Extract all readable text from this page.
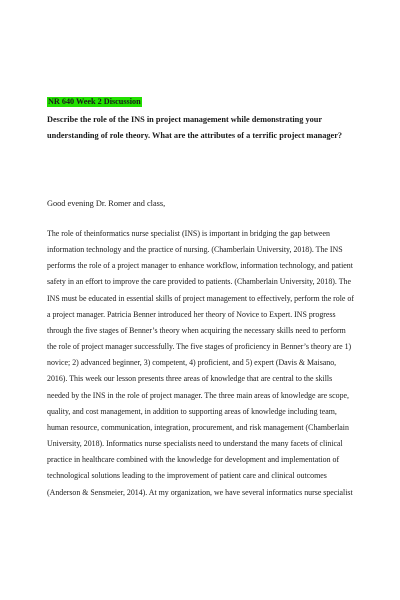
NR 640 Week 2 Discussion

Describe the role of the INS in project management while demonstrating your
understanding of role theory. What are the attributes of a terrific project manager?

Good evening Dr. Romer and class,

The role of theinformatics nurse specialist (INS) is important in bridging the gap between
information technology and the practice of nursing. (Chamberlain University, 2018). The INS
performs the role of a project manager to enhance workflow, information technology, and patient
safety in an effort to improve the care provided to patients. (Chamberlain University, 2018). The
INS must be educated in essential skills of project management to effectively, perform the role of
a project manager. Patricia Benner introduced her theory of Novice to Expert. INS progress
through the five stages of Benner’s theory when acquiring the necessary skills need to perform
the role of project manager successfully. The five stages of proficiency in Benner’s theory are 1)
novice; 2) advanced beginner, 3) competent, 4) proficient, and 5) expert (Davis & Maisano,
2016). This week our lesson presents three areas of knowledge that are central to the skills
needed by the INS in the role of project manager. The three main areas of knowledge are scope,
quality, and cost management, in addition to supporting areas of knowledge including team,
human resource, communication, integration, procurement, and risk management (Chamberlain
University, 2018). Informatics nurse specialists need to understand the many facets of clinical
practice in healthcare combined with the knowledge for development and implementation of
technological solutions leading to the improvement of patient care and clinical outcomes
(Anderson & Sensmeier, 2014). At my organization, we have several informatics nurse specialist
